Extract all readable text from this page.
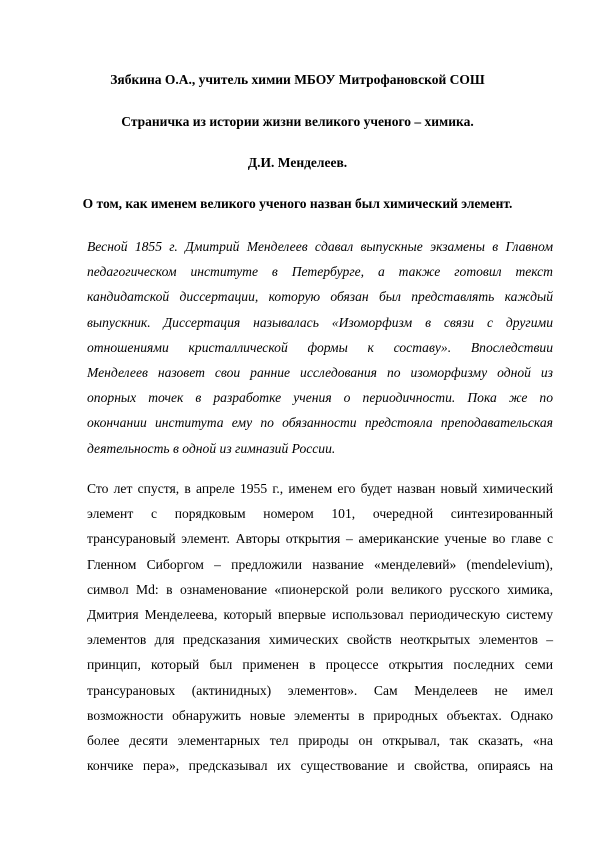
Зябкина О.А., учитель химии МБОУ Митрофановской СОШ
Страничка из истории жизни великого ученого – химика.
Д.И. Менделеев.
О том, как именем великого ученого назван был химический элемент.
Весной 1855 г. Дмитрий Менделеев сдавал выпускные экзамены в Главном
педагогическом институте в Петербурге, а также готовил текст
кандидатской диссертации, которую обязан был представлять каждый
выпускник. Диссертация называлась «Изоморфизм в связи с другими
отношениями кристаллической формы к составу». Впоследствии
Менделеев назовет свои ранние исследования по изоморфизму одной из
опорных точек в разработке учения о периодичности. Пока же по
окончании института ему по обязанности предстояла преподавательская
деятельность в одной из гимназий России.
Сто лет спустя, в апреле 1955 г., именем его будет назван новый химический
элемент с порядковым номером 101, очередной синтезированный
трансурановый элемент. Авторы открытия – американские ученые во главе с
Гленном Сиборгом – предложили название «менделевий» (mendelevium),
символ Md: в ознаменование «пионерской роли великого русского химика,
Дмитрия Менделеева, который впервые использовал периодическую систему
элементов для предсказания химических свойств неоткрытых элементов –
принцип, который был применен в процессе открытия последних семи
трансурановых (актинидных) элементов». Сам Менделеев не имел
возможности обнаружить новые элементы в природных объектах. Однако
более десяти элементарных тел природы он открывал, так сказать, «на
кончике пера», предсказывал их существование и свойства, опираясь на
